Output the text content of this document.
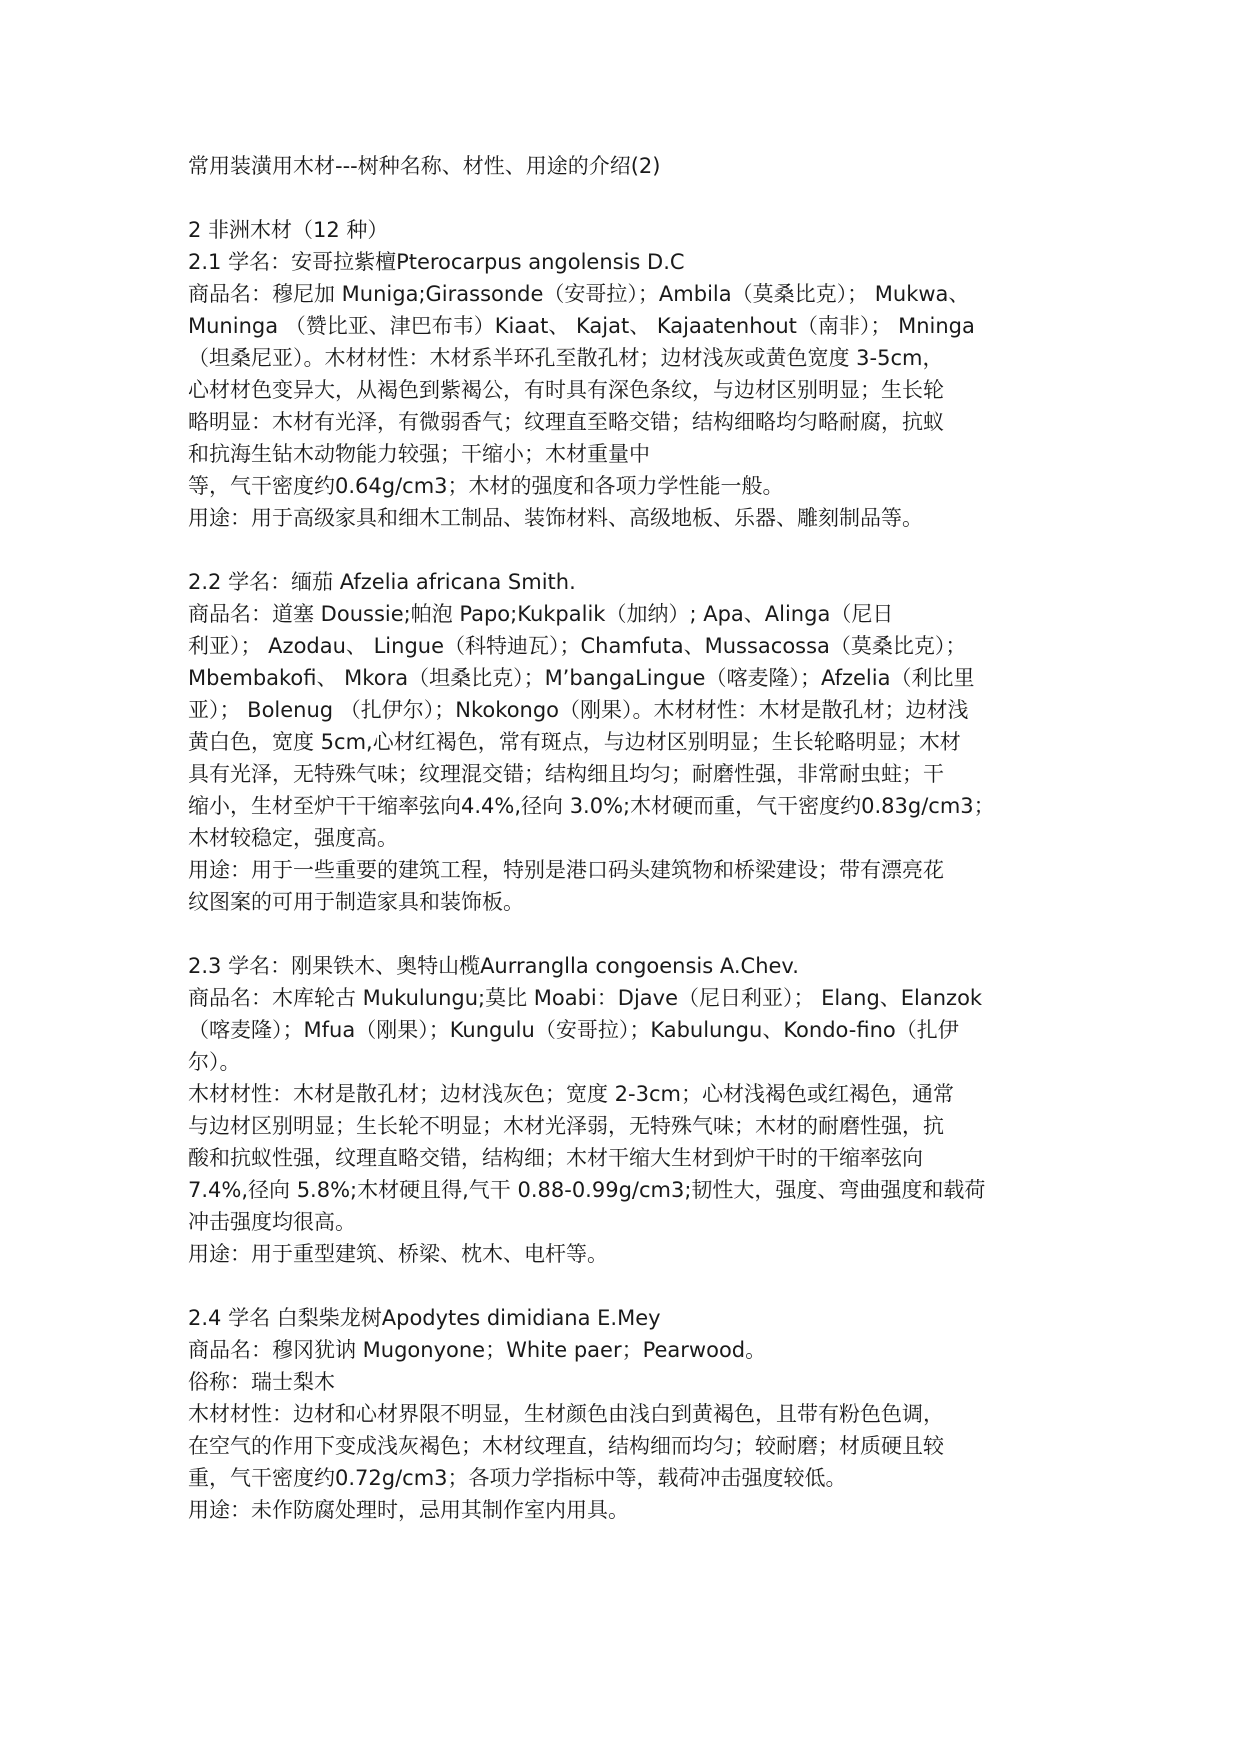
常用装潢用木材---树种名称、材性、用途的介绍(2)
2 非洲木材（12 种）
2.1 学名：安哥拉紫檀Pterocarpus angolensis D.C
商品名：穆尼加 Muniga;Girassonde（安哥拉）；Ambila（莫桑比克）； Mukwa、
Muninga （赞比亚、津巴布韦）Kiaat、 Kajat、 Kajaatenhout（南非）； Mninga
（坦桑尼亚）。木材材性：木材系半环孔至散孔材；边材浅灰或黄色宽度 3-5cm，
心材材色变异大，从褐色到紫褐公，有时具有深色条纹，与边材区别明显；生长轮
略明显：木材有光泽，有微弱香气；纹理直至略交错；结构细略均匀略耐腐，抗蚁
和抗海生钻木动物能力较强；干缩小；木材重量中
等，气干密度约0.64g/cm3；木材的强度和各项力学性能一般。
用途：用于高级家具和细木工制品、装饰材料、高级地板、乐器、雕刻制品等。
2.2 学名：缅茄 Afzelia africana Smith.
商品名：道塞 Doussie;帕泡 Papo;Kukpalik（加纳）; Apa、Alinga（尼日
利亚）； Azodau、 Lingue（科特迪瓦）；Chamfuta、Mussacossa（莫桑比克）；
Mbembakofi、 Mkora（坦桑比克）；M’bangaLingue（喀麦隆）；Afzelia（利比里
亚）； Bolenug （扎伊尔）；Nkokongo（刚果）。木材材性：木材是散孔材；边材浅
黄白色，宽度 5cm,心材红褐色，常有斑点，与边材区别明显；生长轮略明显；木材
具有光泽，无特殊气味；纹理混交错；结构细且均匀；耐磨性强，非常耐虫蛀；干
缩小，生材至炉干干缩率弦向4.4%,径向 3.0%;木材硬而重，气干密度约0.83g/cm3；
木材较稳定，强度高。
用途：用于一些重要的建筑工程，特别是港口码头建筑物和桥梁建设；带有漂亮花
纹图案的可用于制造家具和装饰板。
2.3 学名：刚果铁木、奥特山榄Aurranglla congoensis A.Chev.
商品名：木库轮古 Mukulungu;莫比 Moabi：Djave（尼日利亚）； Elang、Elanzok
（喀麦隆）；Mfua（刚果）；Kungulu（安哥拉）；Kabulungu、Kondo-fino（扎伊
尔）。
木材材性：木材是散孔材；边材浅灰色；宽度 2-3cm；心材浅褐色或红褐色，通常
与边材区别明显；生长轮不明显；木材光泽弱，无特殊气味；木材的耐磨性强，抗
酸和抗蚁性强，纹理直略交错，结构细；木材干缩大生材到炉干时的干缩率弦向
7.4%,径向 5.8%;木材硬且得,气干 0.88-0.99g/cm3;韧性大，强度、弯曲强度和载荷
冲击强度均很高。
用途：用于重型建筑、桥梁、枕木、电杆等。
2.4 学名 白梨柴龙树Apodytes dimidiana E.Mey
商品名：穆冈犹讷 Mugonyone；White paer；Pearwood。
俗称：瑞士梨木
木材材性：边材和心材界限不明显，生材颜色由浅白到黄褐色，且带有粉色色调，
在空气的作用下变成浅灰褐色；木材纹理直，结构细而均匀；较耐磨；材质硬且较
重，气干密度约0.72g/cm3；各项力学指标中等，载荷冲击强度较低。
用途：未作防腐处理时，忌用其制作室内用具。
